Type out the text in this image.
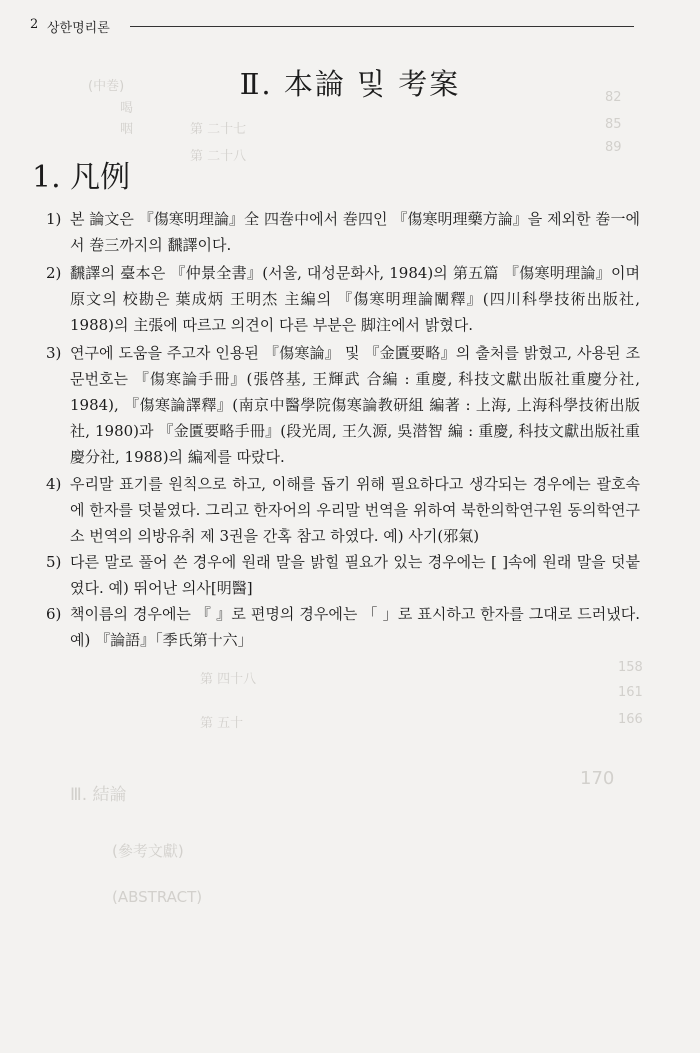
(中巻)
喝
咽	第 二十七
第 二十八
82
85
89
第 四十八
158
161
第 五十	166
170
Ⅲ. 結論
(參考文獻)
(ABSTRACT)
2 상한명리론
Ⅱ. 本論 및 考案
1. 凡例
1) 본 論文은 『傷寒明理論』全 四巻中에서 巻四인 『傷寒明理藥方論』을 제외한 巻一에서 巻三까지의 飜譯이다.
2) 飜譯의 臺本은 『仲景全書』(서울, 대성문화사, 1984)의 第五篇 『傷寒明理論』이며 原文의 校勘은 葉成炳 王明杰 主編의 『傷寒明理論闡釋』(四川科學技術出版社, 1988)의 主張에 따르고 의견이 다른 부분은 脚注에서 밝혔다.
3) 연구에 도움을 주고자 인용된 『傷寒論』 및 『金匱要略』의 출처를 밝혔고, 사용된 조문번호는 『傷寒論手冊』(張啓基, 王輝武 合編 : 重慶, 科技文獻出版社重慶分社, 1984), 『傷寒論譯釋』(南京中醫學院傷寒論教研組 編著 : 上海, 上海科學技術出版社, 1980)과 『金匱要略手冊』(段光周, 王久源, 吳潜智 編 : 重慶, 科技文獻出版社重慶分社, 1988)의 編제를 따랐다.
4) 우리말 표기를 원칙으로 하고, 이해를 돕기 위해 필요하다고 생각되는 경우에는 괄호속에 한자를 덧붙였다. 그리고 한자어의 우리말 번역을 위하여 북한의학연구원 동의학연구소 번역의 의방유취 제 3권을 간혹 참고 하였다. 예) 사기(邪氣)
5) 다른 말로 풀어 쓴 경우에 원래 말을 밝힐 필요가 있는 경우에는 [ ]속에 원래 말을 덧붙였다. 예) 뛰어난 의사[明醫]
6) 책이름의 경우에는 『 』로 편명의 경우에는 「 」로 표시하고 한자를 그대로 드러냈다. 예) 『論語』「季氏第十六」
